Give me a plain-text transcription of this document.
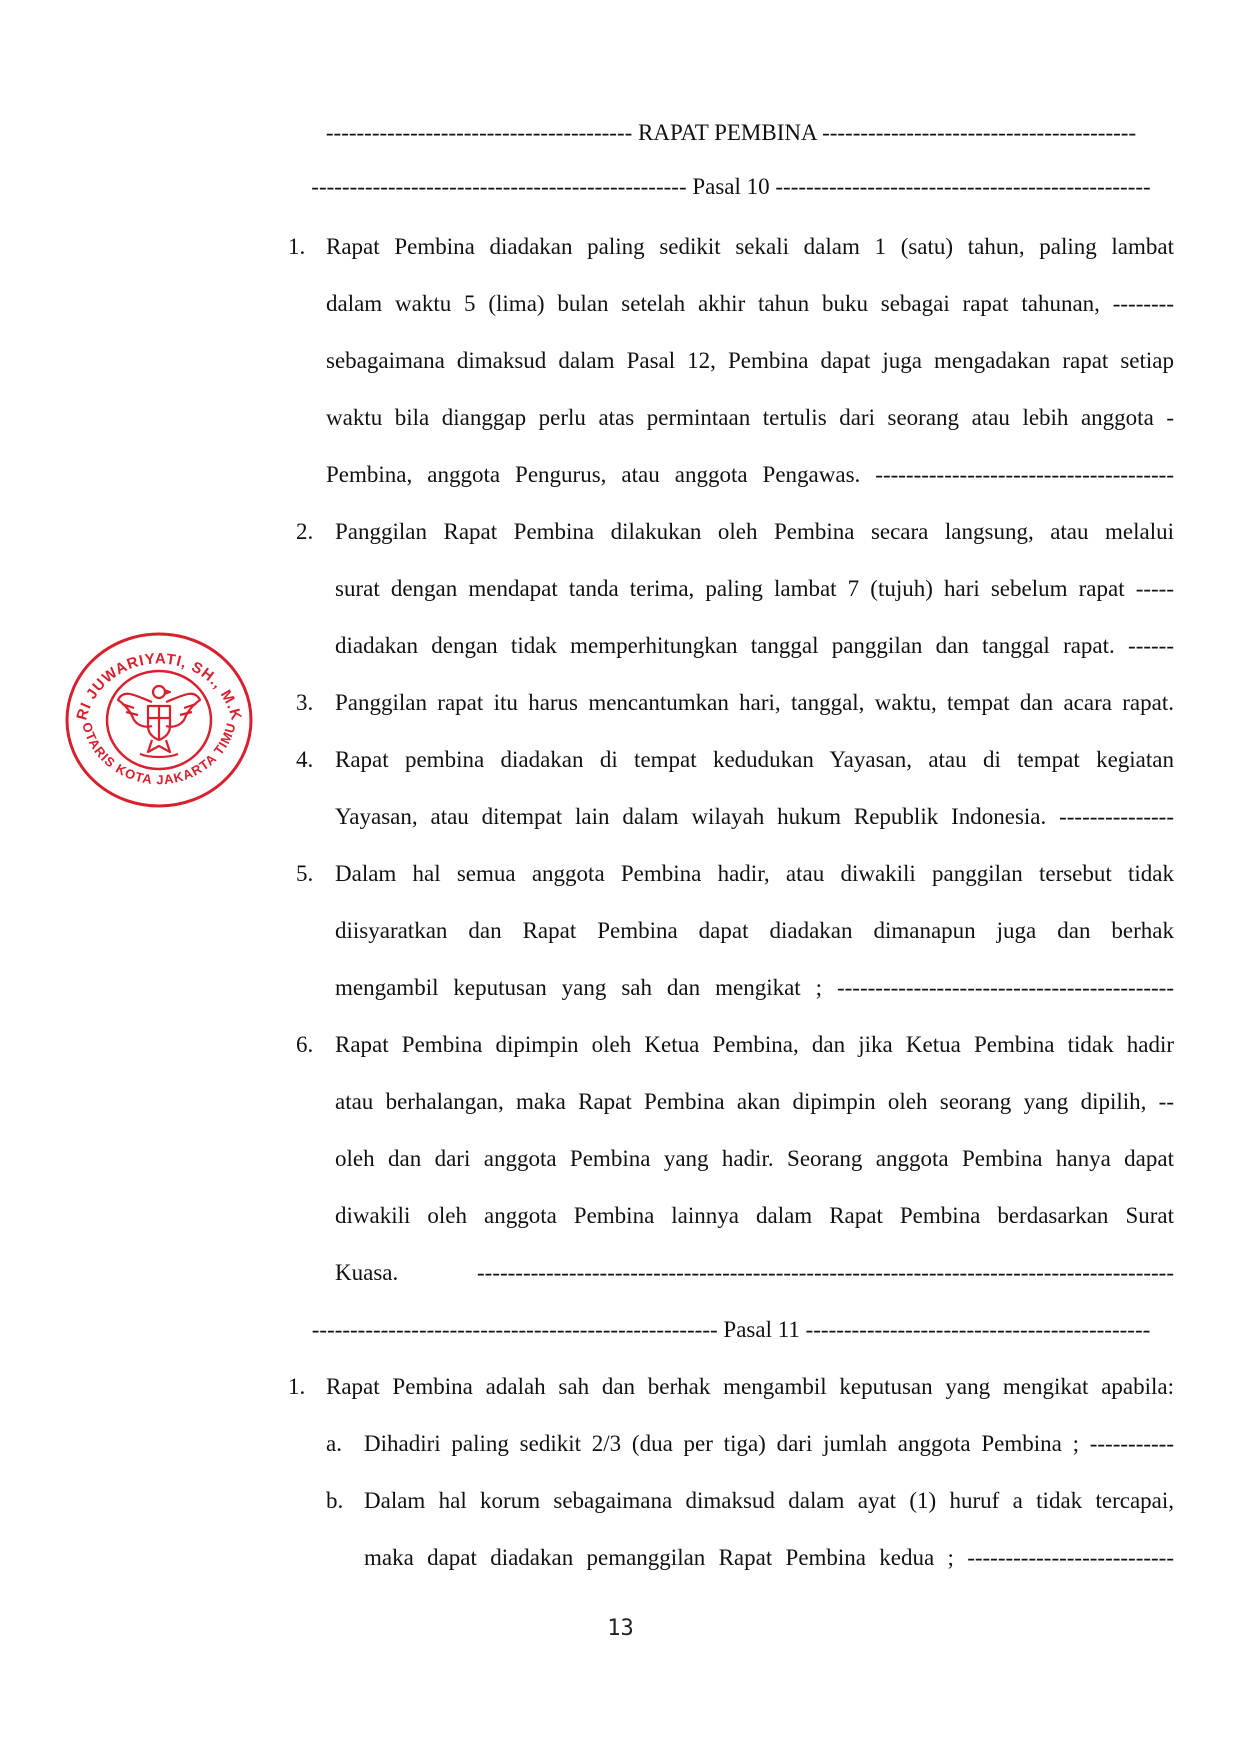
---------------------------------------- RAPAT PEMBINA -----------------------------------------
------------------------------------------------- Pasal 10 -------------------------------------------------
1. Rapat Pembina diadakan paling sedikit sekali dalam 1 (satu) tahun, paling lambat
dalam waktu 5 (lima) bulan setelah akhir tahun buku sebagai rapat tahunan, --------
sebagaimana dimaksud dalam Pasal 12, Pembina dapat juga mengadakan rapat setiap
waktu bila dianggap perlu atas permintaan tertulis dari seorang atau lebih anggota -
Pembina, anggota Pengurus, atau anggota Pengawas. ---------------------------------------
2. Panggilan Rapat Pembina dilakukan oleh Pembina secara langsung, atau melalui
surat dengan mendapat tanda terima, paling lambat 7 (tujuh) hari sebelum rapat -----
diadakan dengan tidak memperhitungkan tanggal panggilan dan tanggal rapat. ------
3. Panggilan rapat itu harus mencantumkan hari, tanggal, waktu, tempat dan acara rapat.
4. Rapat pembina diadakan di tempat kedudukan Yayasan, atau di tempat kegiatan
Yayasan, atau ditempat lain dalam wilayah hukum Republik Indonesia. ---------------
5. Dalam hal semua anggota Pembina hadir, atau diwakili panggilan tersebut tidak
diisyaratkan dan Rapat Pembina dapat diadakan dimanapun juga dan berhak
mengambil keputusan yang sah dan mengikat ; --------------------------------------------
6. Rapat Pembina dipimpin oleh Ketua Pembina, dan jika Ketua Pembina tidak hadir
atau berhalangan, maka Rapat Pembina akan dipimpin oleh seorang yang dipilih, --
oleh dan dari anggota Pembina yang hadir. Seorang anggota Pembina hanya dapat
diwakili oleh anggota Pembina lainnya dalam Rapat Pembina berdasarkan Surat
Kuasa. -------------------------------------------------------------------------------------------
----------------------------------------------------- Pasal 11 ---------------------------------------------
1. Rapat Pembina adalah sah dan berhak mengambil keputusan yang mengikat apabila:
a. Dihadiri paling sedikit 2/3 (dua per tiga) dari jumlah anggota Pembina ; -----------
b. Dalam hal korum sebagaimana dimaksud dalam ayat (1) huruf a tidak tercapai,
maka dapat diadakan pemanggilan Rapat Pembina kedua ; ---------------------------
13
RI JUWARIYATI, SH., M.K
OTARIS KOTA JAKARTA TIMU
